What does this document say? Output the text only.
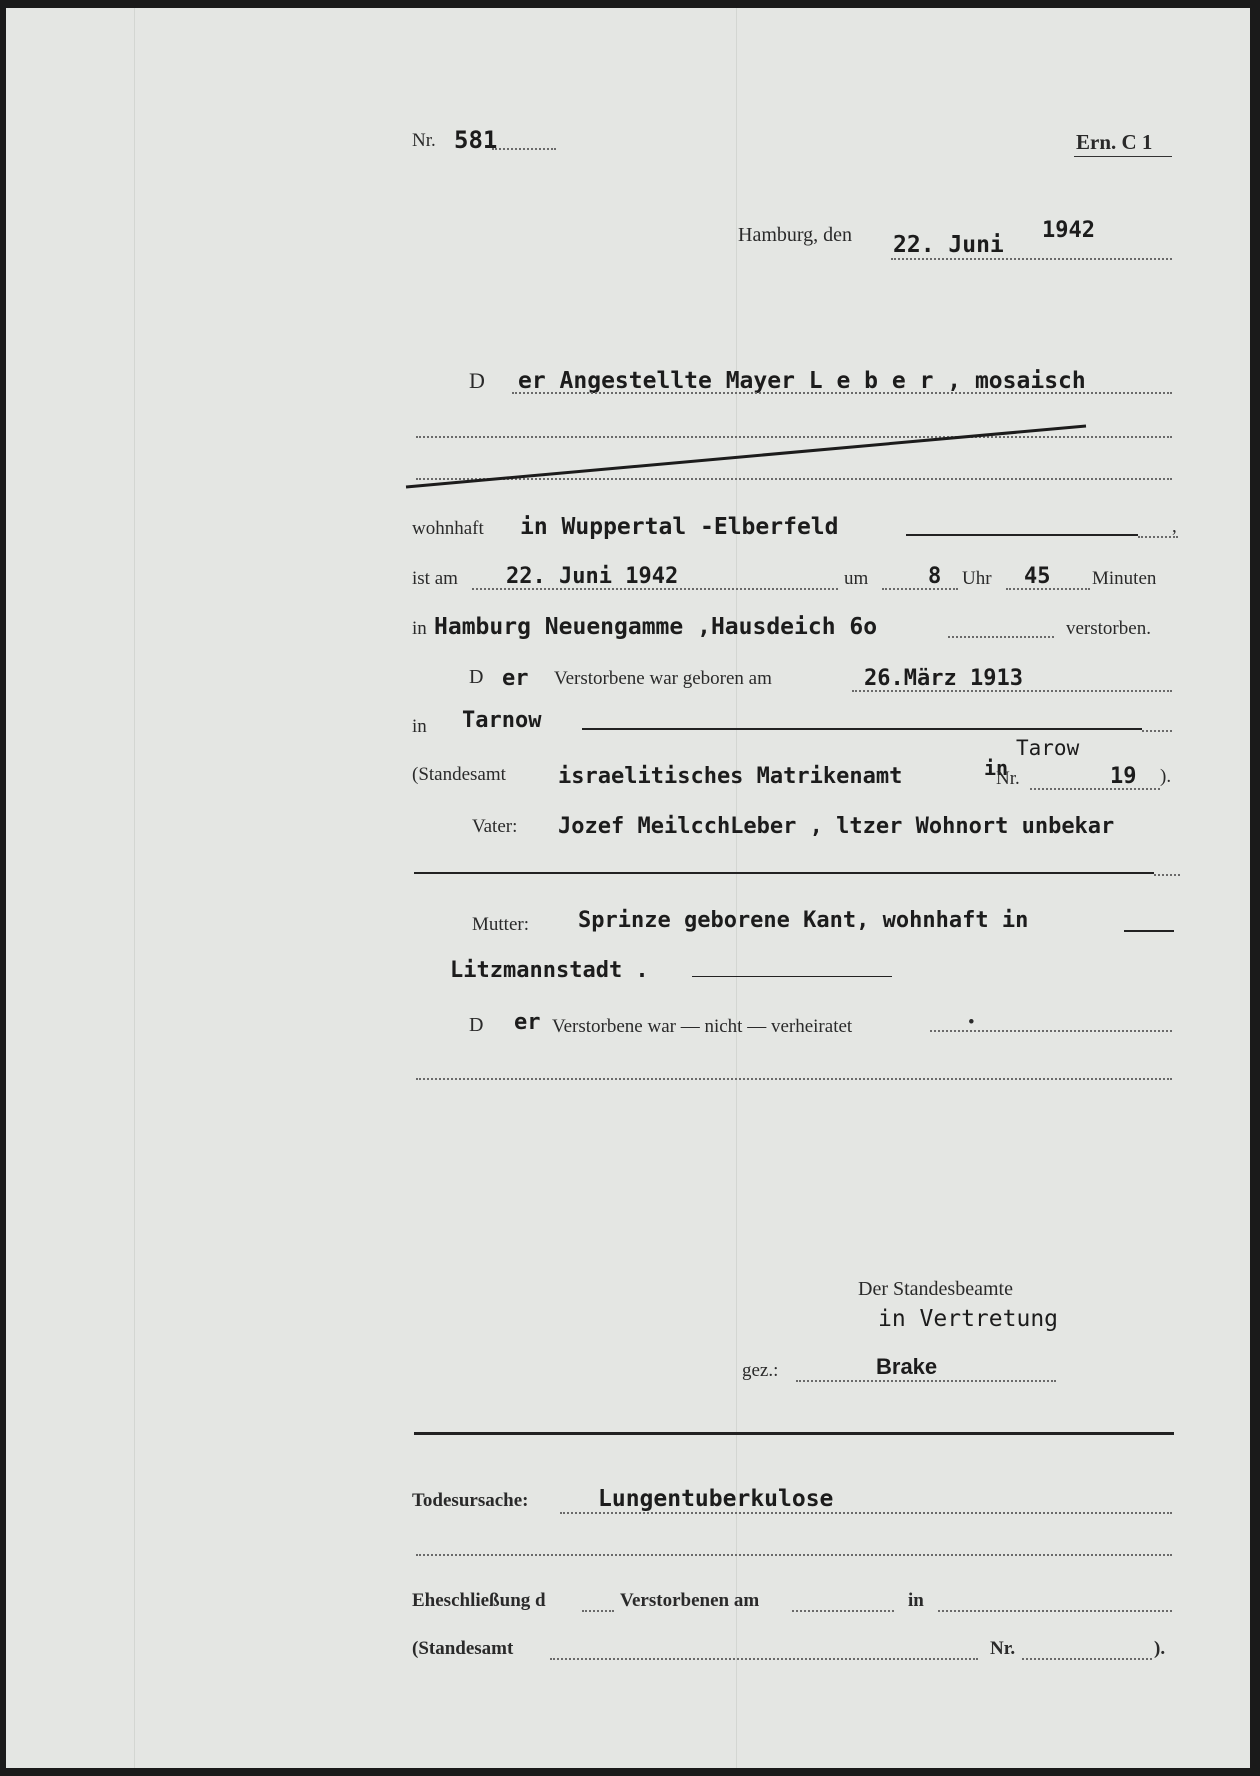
Nr. 581	Ern. C 1
Hamburg, den 22. Juni
1942
D er Angestellte Mayer L e b e r , mosaisch
wohnhaft in Wuppertal -Elberfeld	,
ist am 22. Juni 1942	um	8 Uhr 45 Minuten
in Hamburg Neuengamme ,Hausdeich 6o	verstorben.
D er Verstorbene war geboren am	26.März 1913
in Tarnow
(Standesamt israelitisches Matrikenamt	in
Tarow
Nr.	19 ).
Vater: Jozef MeilcchLeber , ltzer Wohnort unbekar
Mutter: Sprinze geborene Kant, wohnhaft in
Litzmannstadt .
D er Verstorbene war — nicht — verheiratet	•
Der Standesbeamte
in Vertretung
gez.:	Brake
Todesursache:	Lungentuberkulose
Eheschließung d	Verstorbenen am	in
(Standesamt	Nr.	).
